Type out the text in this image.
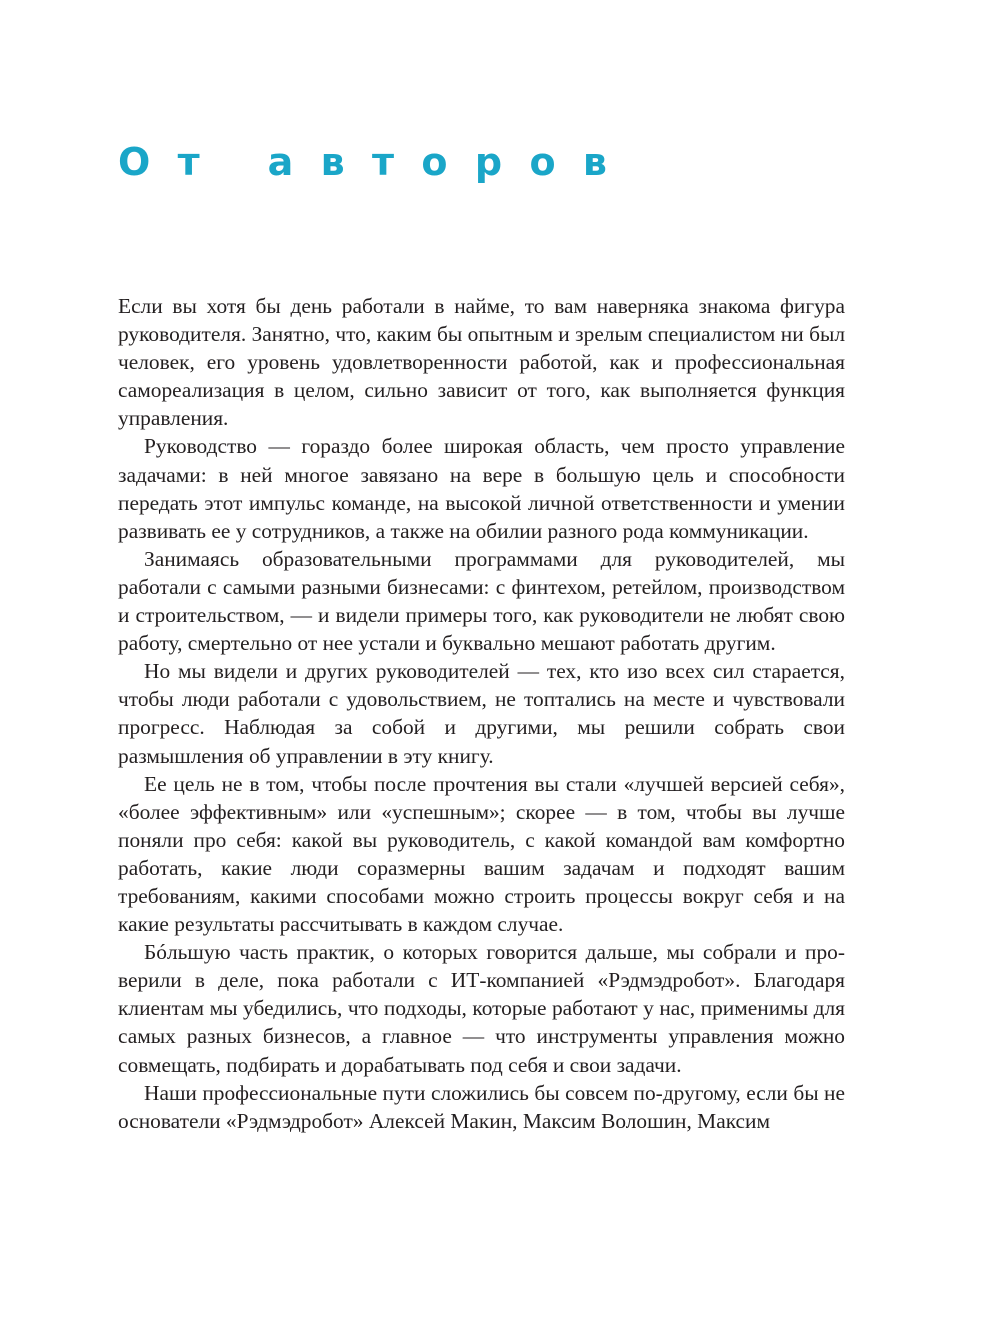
От авторов

Если вы хотя бы день работали в найме, то вам наверняка знакома фигура руководителя. Занятно, что, каким бы опытным и зрелым специалистом ни был человек, его уровень удовлетворенности работой, как и профессиональная самореализация в целом, сильно зависит от того, как выполняется функция управления.

Руководство — гораздо более широкая область, чем просто управление задачами: в ней многое завязано на вере в большую цель и способности передать этот импульс команде, на высокой личной ответственности и умении развивать ее у сотрудников, а также на обилии разного рода коммуникации.

Занимаясь образовательными программами для руководителей, мы работали с самыми разными бизнесами: с финтехом, ретейлом, производством и строительством, — и видели примеры того, как руководители не любят свою работу, смертельно от нее устали и буквально мешают работать другим.

Но мы видели и других руководителей — тех, кто изо всех сил старается, чтобы люди работали с удовольствием, не топтались на месте и чувствовали прогресс. Наблюдая за собой и другими, мы решили собрать свои размышления об управлении в эту книгу.

Ее цель не в том, чтобы после прочтения вы стали «лучшей версией себя», «более эффективным» или «успешным»; скорее — в том, чтобы вы лучше поняли про себя: какой вы руководитель, с какой командой вам комфортно работать, какие люди соразмерны вашим задачам и подходят вашим требованиям, какими способами можно строить процессы вокруг себя и на какие результаты рассчитывать в каждом случае.

Бóльшую часть практик, о которых говорится дальше, мы собрали и проверили в деле, пока работали с ИТ-компанией «Рэдмэдробот». Благодаря клиентам мы убедились, что подходы, которые работают у нас, применимы для самых разных бизнесов, а главное — что инструменты управления можно совмещать, подбирать и дорабатывать под себя и свои задачи.

Наши профессиональные пути сложились бы совсем по-другому, если бы не основатели «Рэдмэдробот» Алексей Макин, Максим Волошин, Максим
